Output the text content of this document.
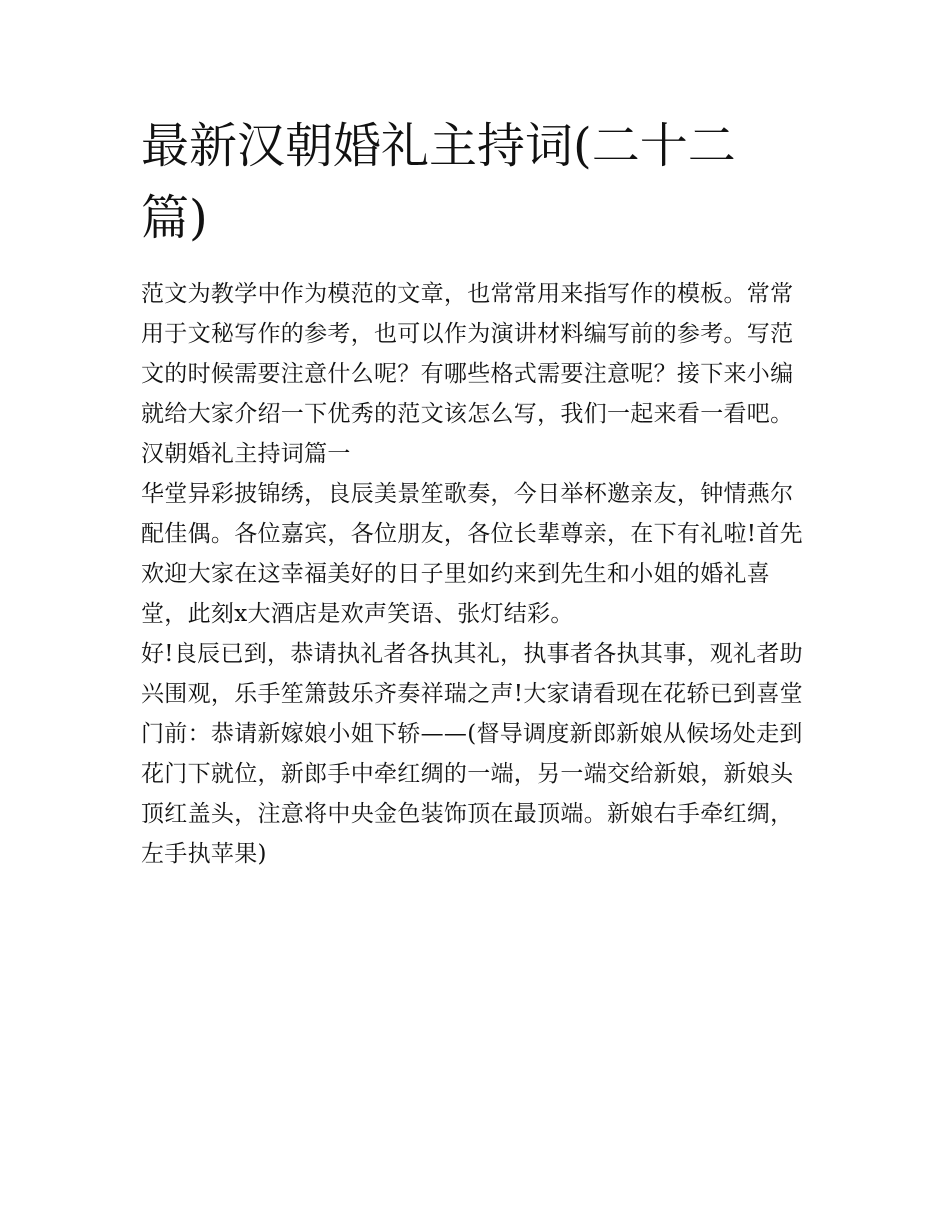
最新汉朝婚礼主持词(二十二篇)

范文为教学中作为模范的文章，也常常用来指写作的模板。常常用于文秘写作的参考，也可以作为演讲材料编写前的参考。写范文的时候需要注意什么呢？有哪些格式需要注意呢？接下来小编就给大家介绍一下优秀的范文该怎么写，我们一起来看一看吧。

汉朝婚礼主持词篇一

华堂异彩披锦绣，良辰美景笙歌奏，今日举杯邀亲友，钟情燕尔配佳偶。各位嘉宾，各位朋友，各位长辈尊亲，在下有礼啦!首先欢迎大家在这幸福美好的日子里如约来到先生和小姐的婚礼喜堂，此刻x大酒店是欢声笑语、张灯结彩。

好!良辰已到，恭请执礼者各执其礼，执事者各执其事，观礼者助兴围观，乐手笙箫鼓乐齐奏祥瑞之声!大家请看现在花轿已到喜堂门前：恭请新嫁娘小姐下轿——(督导调度新郎新娘从候场处走到花门下就位，新郎手中牵红绸的一端，另一端交给新娘，新娘头顶红盖头，注意将中央金色装饰顶在最顶端。新娘右手牵红绸，左手执苹果)
